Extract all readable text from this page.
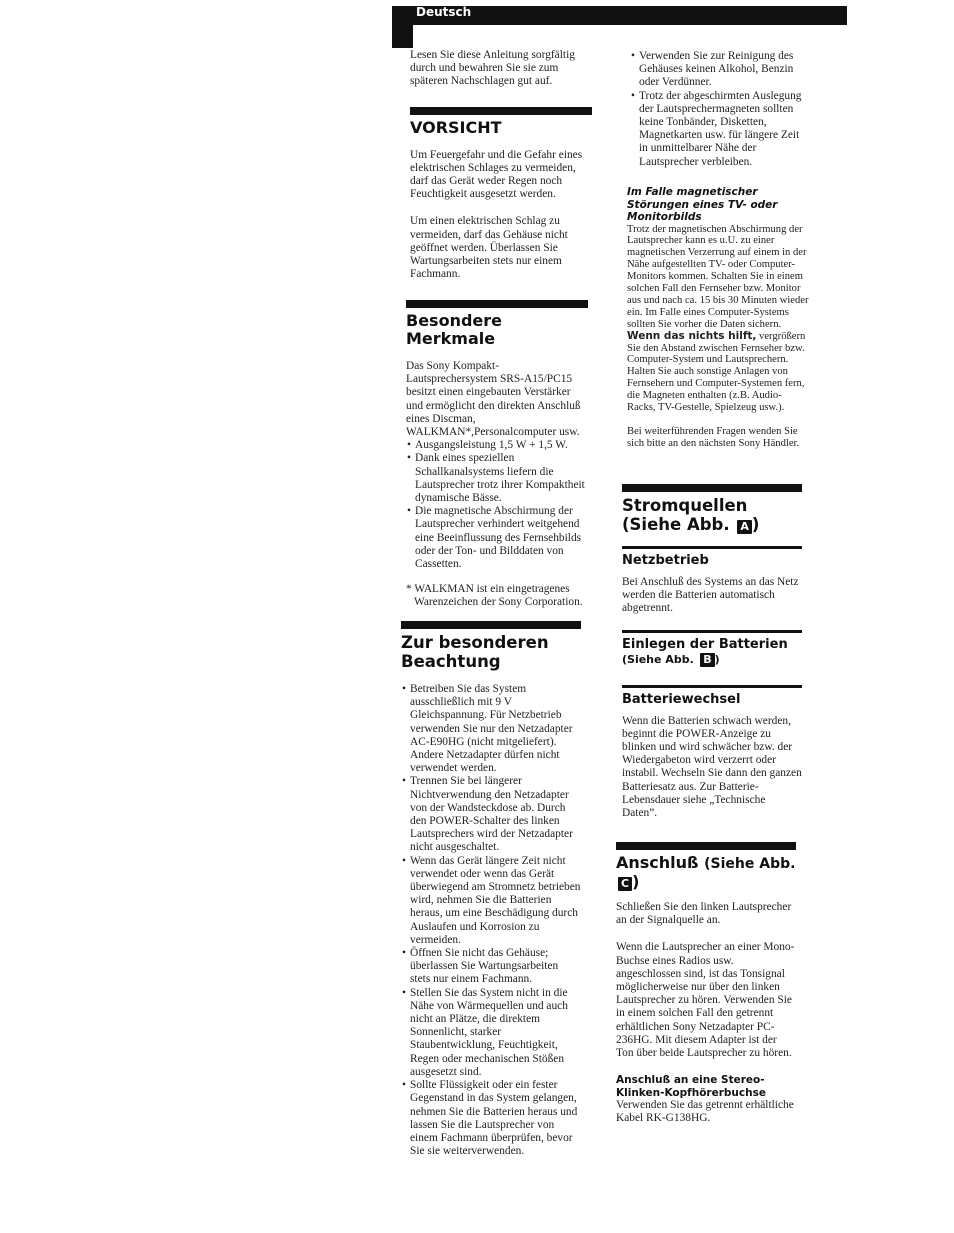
Deutsch

Lesen Sie diese Anleitung sorgfältig durch und bewahren Sie sie zum späteren Nachschlagen gut auf.

VORSICHT

Um Feuergefahr und die Gefahr eines elektrischen Schlages zu vermeiden, darf das Gerät weder Regen noch Feuchtigkeit ausgesetzt werden.

Um einen elektrischen Schlag zu vermeiden, darf das Gehäuse nicht geöffnet werden. Überlassen Sie Wartungsarbeiten stets nur einem Fachmann.

Besondere Merkmale

Das Sony Kompakt-Lautsprechersystem SRS-A15/PC15 besitzt einen eingebauten Verstärker und ermöglicht den direkten Anschluß eines Discman, WALKMAN*,Personalcomputer usw.

• Ausgangsleistung 1,5 W + 1,5 W.
• Dank eines speziellen Schallkanalsystems liefern die Lautsprecher trotz ihrer Kompaktheit dynamische Bässe.
• Die magnetische Abschirmung der Lautsprecher verhindert weitgehend eine Beeinflussung des Fernsehbilds oder der Ton- und Bilddaten von Cassetten.

* WALKMAN ist ein eingetragenes Warenzeichen der Sony Corporation.

Zur besonderen Beachtung
• Betreiben Sie das System ausschließlich mit 9 V Gleichspannung. Für Netzbetrieb verwenden Sie nur den Netzadapter AC-E90HG (nicht mitgeliefert). Andere Netzadapter dürfen nicht verwendet werden.
• Trennen Sie bei längerer Nichtverwendung den Netzadapter von der Wandsteckdose ab. Durch den POWER-Schalter des linken Lautsprechers wird der Netzadapter nicht ausgeschaltet.
• Wenn das Gerät längere Zeit nicht verwendet oder wenn das Gerät überwiegend am Stromnetz betrieben wird, nehmen Sie die Batterien heraus, um eine Beschädigung durch Auslaufen und Korrosion zu vermeiden.
• Öffnen Sie nicht das Gehäuse; überlassen Sie Wartungsarbeiten stets nur einem Fachmann.
• Stellen Sie das System nicht in die Nähe von Wärmequellen und auch nicht an Plätze, die direktem Sonnenlicht, starker Staubentwicklung, Feuchtigkeit, Regen oder mechanischen Stößen ausgesetzt sind.
• Sollte Flüssigkeit oder ein fester Gegenstand in das System gelangen, nehmen Sie die Batterien heraus und lassen Sie die Lautsprecher von einem Fachmann überprüfen, bevor Sie sie weiterverwenden.
• Verwenden Sie zur Reinigung des Gehäuses keinen Alkohol, Benzin oder Verdünner.
• Trotz der abgeschirmten Auslegung der Lautsprechermagneten sollten keine Tonbänder, Disketten, Magnetkarten usw. für längere Zeit in unmittelbarer Nähe der Lautsprecher verbleiben.
Im Falle magnetischer Störungen eines TV- oder Monitorbilds

Trotz der magnetischen Abschirmung der Lautsprecher kann es u.U. zu einer magnetischen Verzerrung auf einem in der Nähe aufgestellten TV- oder Computer-Monitors kommen. Schalten Sie in einem solchen Fall den Fernseher bzw. Monitor aus und nach ca. 15 bis 30 Minuten wieder ein. Im Falle eines Computer-Systems sollten Sie vorher die Daten sichern.

Wenn das nichts hilft, vergrößern Sie den Abstand zwischen Fernseher bzw. Computer-System und Lautsprechern. Halten Sie auch sonstige Anlagen von Fernsehern und Computer-Systemen fern, die Magneten enthalten (z.B. Audio-Racks, TV-Gestelle, Spielzeug usw.).

Bei weiterführenden Fragen wenden Sie sich bitte an den nächsten Sony Händler.

Stromquellen
(Siehe Abb. A )
Netzbetrieb

Bei Anschluß des Systems an das Netz werden die Batterien automatisch abgetrennt.

Einlegen der Batterien
(Siehe Abb. B )
Batteriewechsel

Wenn die Batterien schwach werden, beginnt die POWER-Anzeige zu blinken und wird schwächer bzw. der Wiedergabeton wird verzerrt oder instabil. Wechseln Sie dann den ganzen Batteriesatz aus. Zur Batterie-Lebensdauer siehe „Technische Daten”.

Anschluß (Siehe Abb. C )

Schließen Sie den linken Lautsprecher an der Signalquelle an.

Wenn die Lautsprecher an einer Mono-Buchse eines Radios usw. angeschlossen sind, ist das Tonsignal möglicherweise nur über den linken Lautsprecher zu hören. Verwenden Sie in einem solchen Fall den getrennt erhältlichen Sony Netzadapter PC-236HG. Mit diesem Adapter ist der Ton über beide Lautsprecher zu hören.

Anschluß an eine Stereo-Klinken-Kopfhörerbuchse

Verwenden Sie das getrennt erhältliche Kabel RK-G138HG.
